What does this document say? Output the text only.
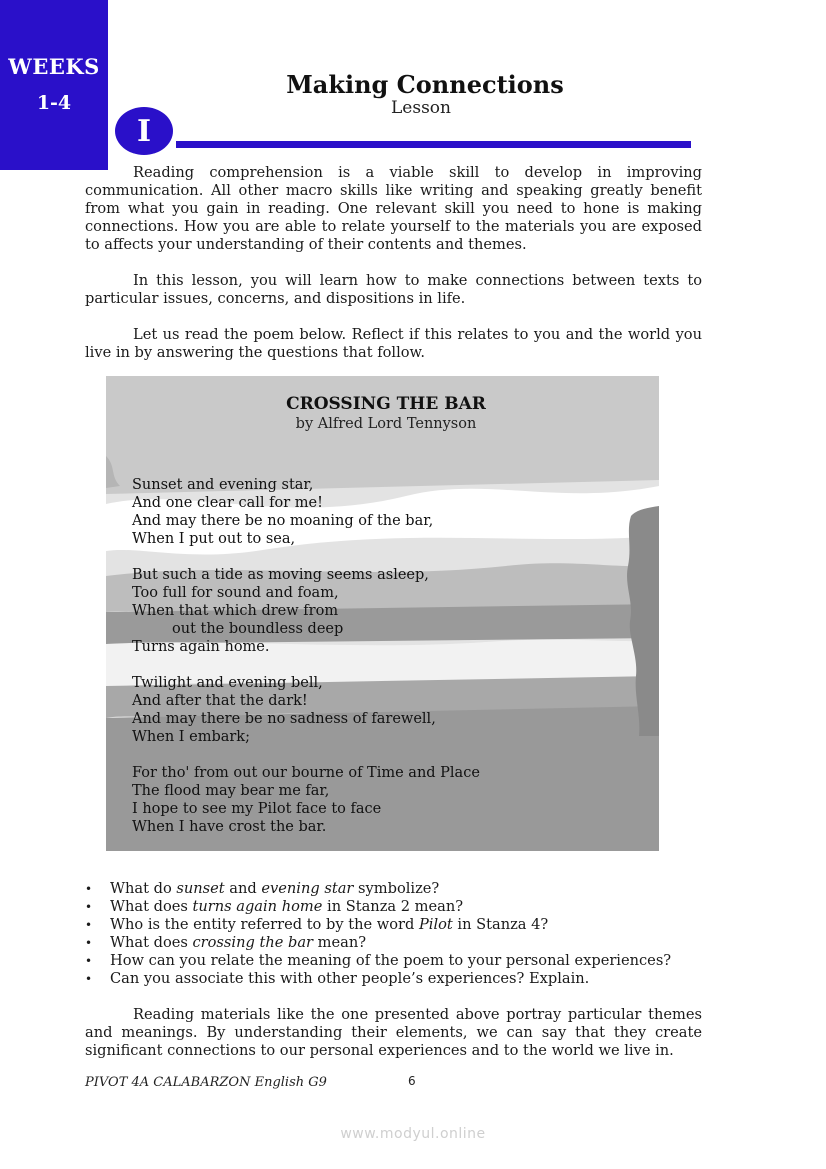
WEEKS
1-4
I
Making Connections
Lesson
Reading comprehension is a viable skill to develop in improving communication. All other macro skills like writing and speaking greatly benefit from what you gain in reading. One relevant skill you need to hone is making connections. How you are able to relate yourself to the materials you are exposed to affects your understanding of their contents and themes.
In this lesson, you will learn how to make connections between texts to particular issues, concerns, and dispositions in life.
Let us read the poem below. Reflect if this relates to you and the world you live in by answering the questions that follow.
CROSSING THE BAR
by Alfred Lord Tennyson
Sunset and evening star,
And one clear call for me!
And may there be no moaning of the bar,
When I put out to sea,
But such a tide as moving seems asleep,
Too full for sound and foam,
When that which drew from
out the boundless deep
Turns again home.
Twilight and evening bell,
And after that the dark!
And may there be no sadness of farewell,
When I embark;
For tho' from out our bourne of Time and Place
The flood may bear me far,
I hope to see my Pilot face to face
When I have crost the bar.
•	What do sunset and evening star symbolize?
•	What does turns again home in Stanza 2 mean?
•	Who is the entity referred to by the word Pilot in Stanza 4?
•	What does crossing the bar mean?
•	How can you relate the meaning of the poem to your personal experiences?
•	Can you associate this with other people’s experiences? Explain.
Reading materials like the one presented above portray particular themes and meanings. By understanding their elements, we can say that they create significant connections to our personal experiences and to the world we live in.
PIVOT 4A CALABARZON English G9	6
www.modyul.online
